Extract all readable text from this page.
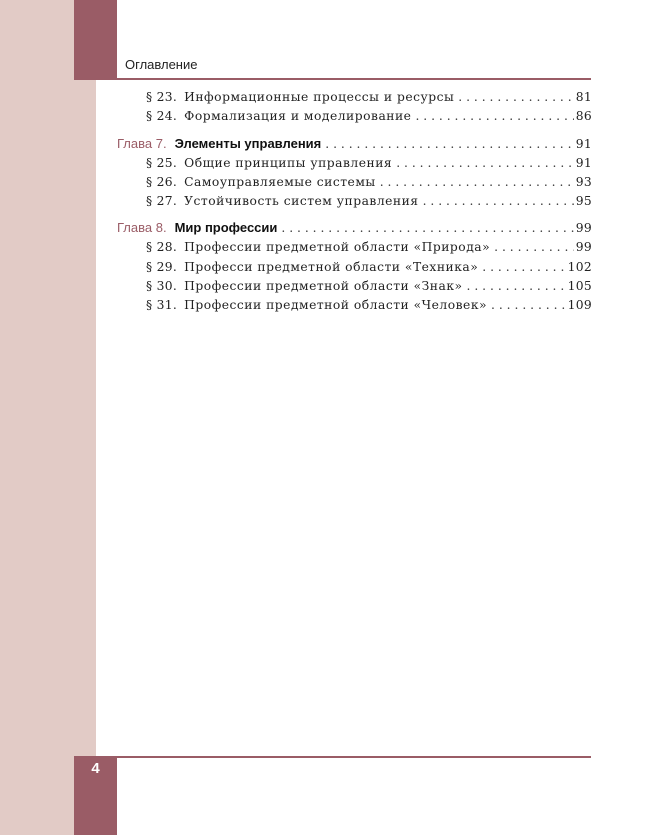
Оглавление
§ 23. Информационные процессы и ресурсы . . .	81
§ 24. Формализация и моделирование . . .	86
Глава 7. Элементы управления . . .	91
§ 25. Общие принципы управления . . .	91
§ 26. Самоуправляемые системы . . .	93
§ 27. Устойчивость систем управления . . .	95
Глава 8. Мир профессии . . .	99
§ 28. Профессии предметной области «Природа» . . .	99
§ 29. Професси предметной области «Техника» . . .	102
§ 30. Профессии предметной области «Знак» . . .	105
§ 31. Профессии предметной области «Человек» . . .	109
4
